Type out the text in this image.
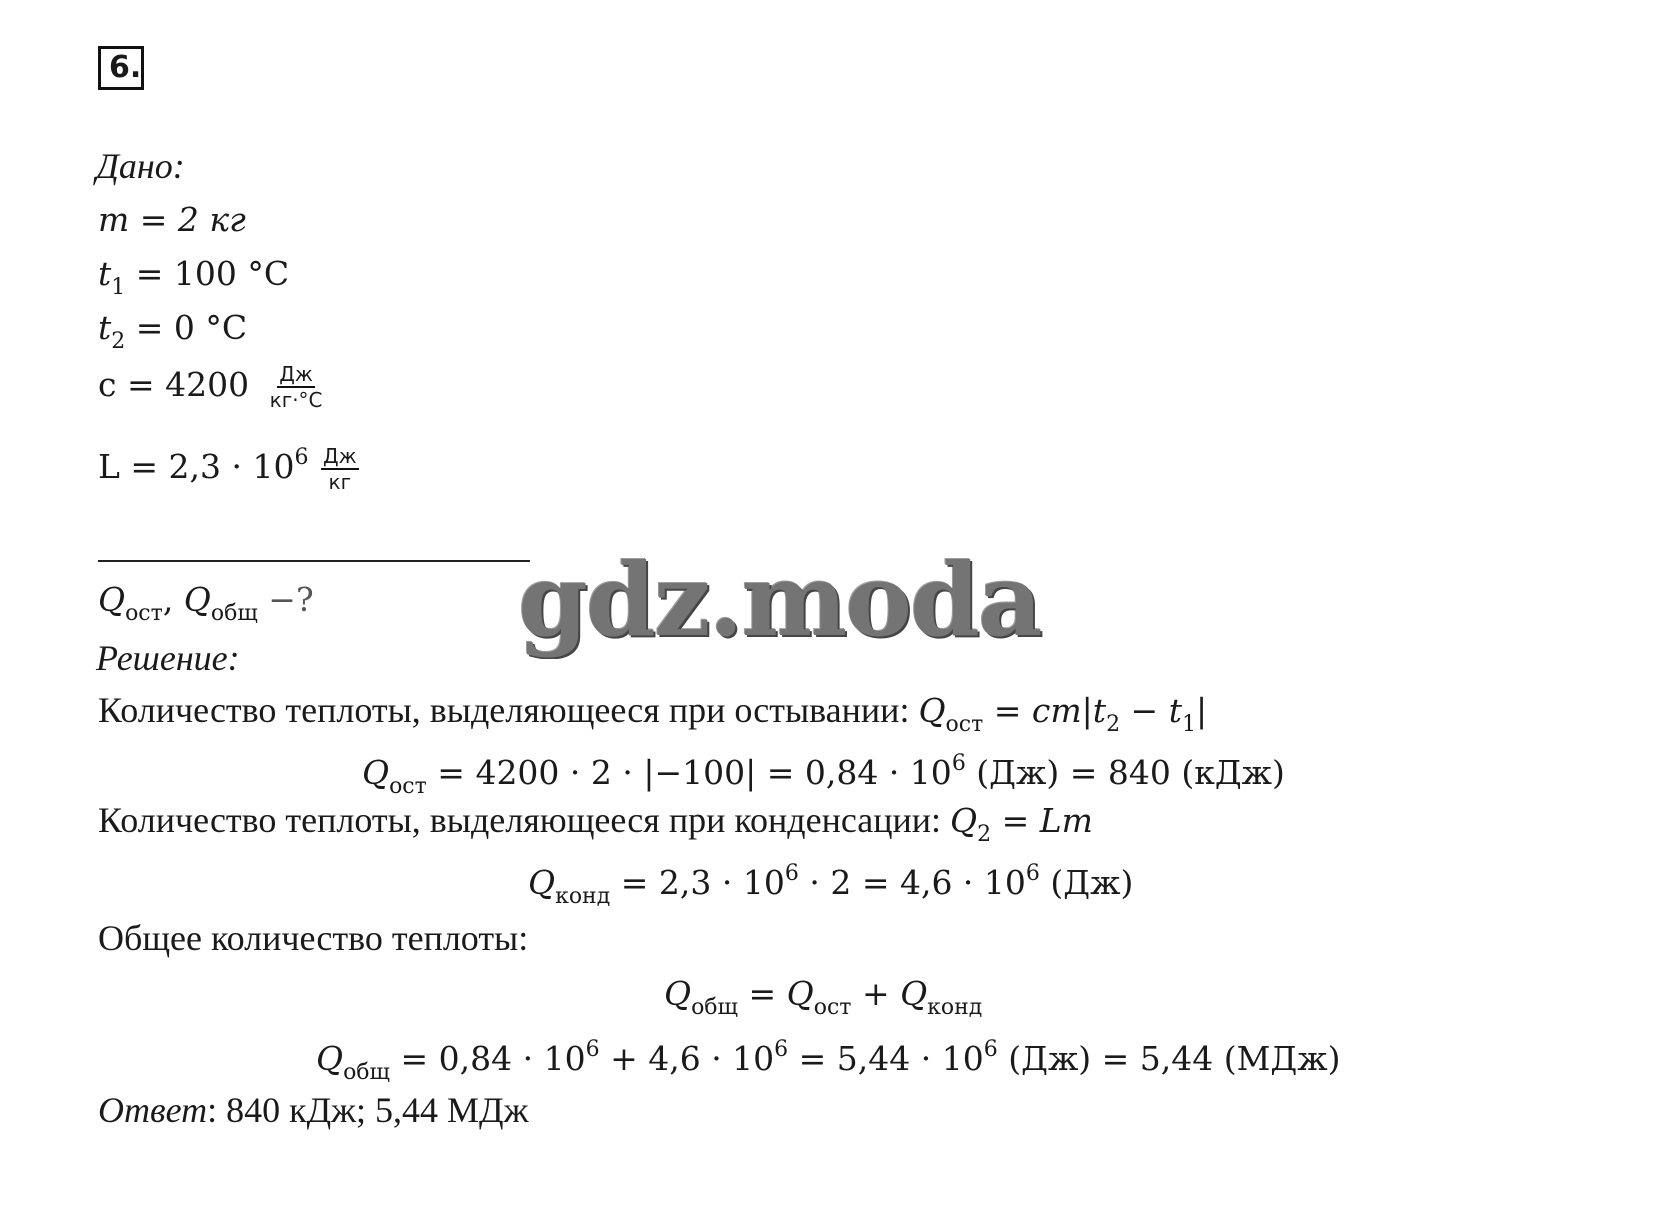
6.
Дано:
m = 2 кг
$t_1 = 100$ °C
$t_2 = 0$ °C
$c = 4200 \frac{Дж}{кг\cdot^\circ C}$
$L = 2,3 \cdot 10^6 \frac{Дж}{кг}$
$Q_{ост}$, $Q_{общ}$ −? gdz.moda
Решение:
Количество теплоты, выделяющееся при остывании: $Q_{ост} = cm|t_2 - t_1|$
$Q_{ост} = 4200 \cdot 2 \cdot |-100| = 0,84 \cdot 10^6$ (Дж) = 840 (кДж)
Количество теплоты, выделяющееся при конденсации: $Q_2 = Lm$
$Q_{конд} = 2,3 \cdot 10^6 \cdot 2 = 4,6 \cdot 10^6$ (Дж)
Общее количество теплоты:
$Q_{общ} = Q_{ост} + Q_{конд}$
$Q_{общ} = 0,84 \cdot 10^6 + 4,6 \cdot 10^6 = 5,44 \cdot 10^6$ (Дж) = 5,44 (МДж)
Ответ: 840 кДж; 5,44 МДж
